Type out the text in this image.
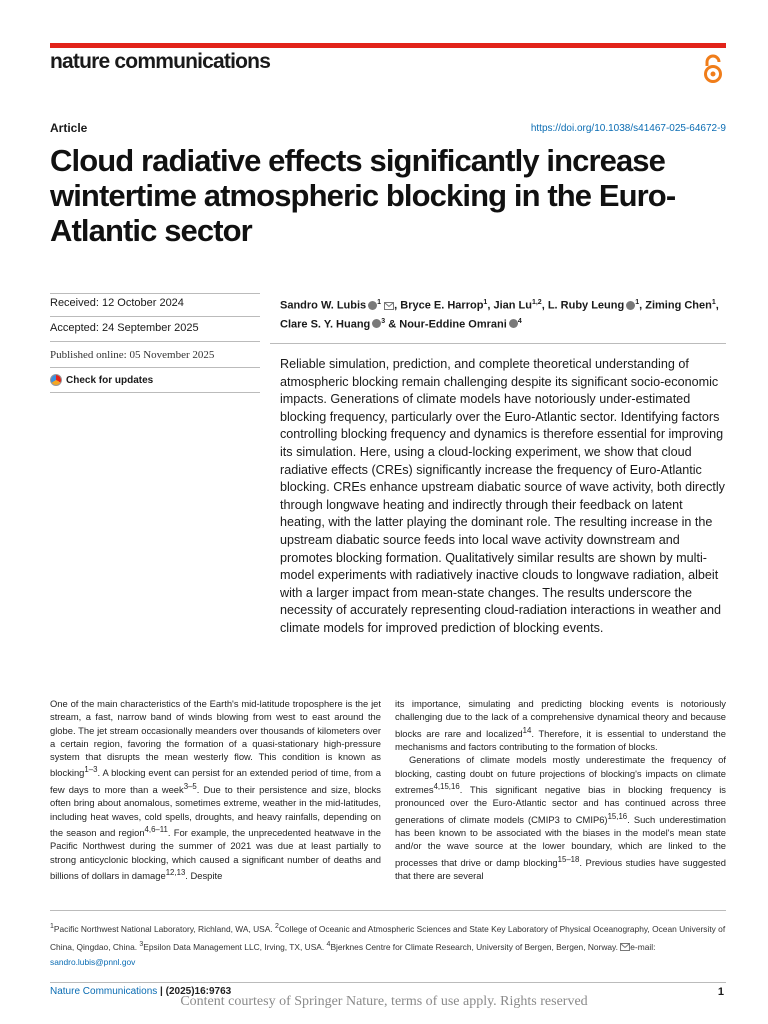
nature communications
Article	https://doi.org/10.1038/s41467-025-64672-9
Cloud radiative effects significantly increase wintertime atmospheric blocking in the Euro-Atlantic sector
Received: 12 October 2024
Accepted: 24 September 2025
Published online: 05 November 2025
Check for updates
Sandro W. Lubis $^1$ , Bryce E. Harrop$^1$, Jian Lu$^{1,2}$, L. Ruby Leung $^1$, Ziming Chen$^1$, Clare S. Y. Huang $^3$ & Nour-Eddine Omrani $^4$

Reliable simulation, prediction, and complete theoretical understanding of atmospheric blocking remain challenging despite its significant socio-economic impacts. Generations of climate models have notoriously under-estimated blocking frequency, particularly over the Euro-Atlantic sector. Identifying factors controlling blocking frequency and dynamics is therefore essential for improving its simulation. Here, using a cloud-locking experiment, we show that cloud radiative effects (CREs) significantly increase the frequency of Euro-Atlantic blocking. CREs enhance upstream diabatic source of wave activity, both directly through longwave heating and indirectly through their feedback on latent heating, with the latter playing the dominant role. The resulting increase in the upstream diabatic source feeds into local wave activity downstream and promotes blocking formation. Qualitatively similar results are shown by multi-model experiments with radiatively inactive clouds to longwave radiation, albeit with a larger impact from mean-state changes. The results underscore the necessity of accurately representing cloud-radiation interactions in weather and climate models for improved prediction of blocking events.

One of the main characteristics of the Earth's mid-latitude troposphere is the jet stream, a fast, narrow band of winds blowing from west to east around the globe. The jet stream occasionally meanders over thousands of kilometers over a certain region, favoring the formation of a quasi-stationary high-pressure system that disrupts the mean westerly flow. This condition is known as blocking$^{1-3}$. A blocking event can persist for an extended period of time, from a few days to more than a week$^{3-5}$. Due to their persistence and size, blocks often bring about anomalous, sometimes extreme, weather in the mid-latitudes, including heat waves, cold spells, droughts, and heavy rainfalls, depending on the season and region$^{4,6-11}$. For example, the unprecedented heatwave in the Pacific Northwest during the summer of 2021 was due at least partially to strong anticyclonic blocking, which caused a significant number of deaths and billions of dollars in damage$^{12,13}$. Despite

its importance, simulating and predicting blocking events is notoriously challenging due to the lack of a comprehensive dynamical theory and because blocks are rare and localized$^{14}$. Therefore, it is essential to understand the mechanisms and factors contributing to the formation of blocks.

Generations of climate models mostly underestimate the frequency of blocking, casting doubt on future projections of blocking's impacts on climate extremes$^{4,15,16}$. This significant negative bias in blocking frequency is pronounced over the Euro-Atlantic sector and has continued across three generations of climate models (CMIP3 to CMIP6)$^{15,16}$. Such underestimation has been known to be associated with the biases in the model's mean state and/or the wave source at the lower boundary, which are linked to the processes that drive or damp blocking$^{15-18}$. Previous studies have suggested that there are several

$^1$Pacific Northwest National Laboratory, Richland, WA, USA. $^2$College of Oceanic and Atmospheric Sciences and State Key Laboratory of Physical Oceanography, Ocean University of China, Qingdao, China. $^3$Epsilon Data Management LLC, Irving, TX, USA. $^4$Bjerknes Centre for Climate Research, University of Bergen, Bergen, Norway. e-mail: sandro.lubis@pnnl.gov
Nature Communications | (2025)16:9763	1
Content courtesy of Springer Nature, terms of use apply. Rights reserved
